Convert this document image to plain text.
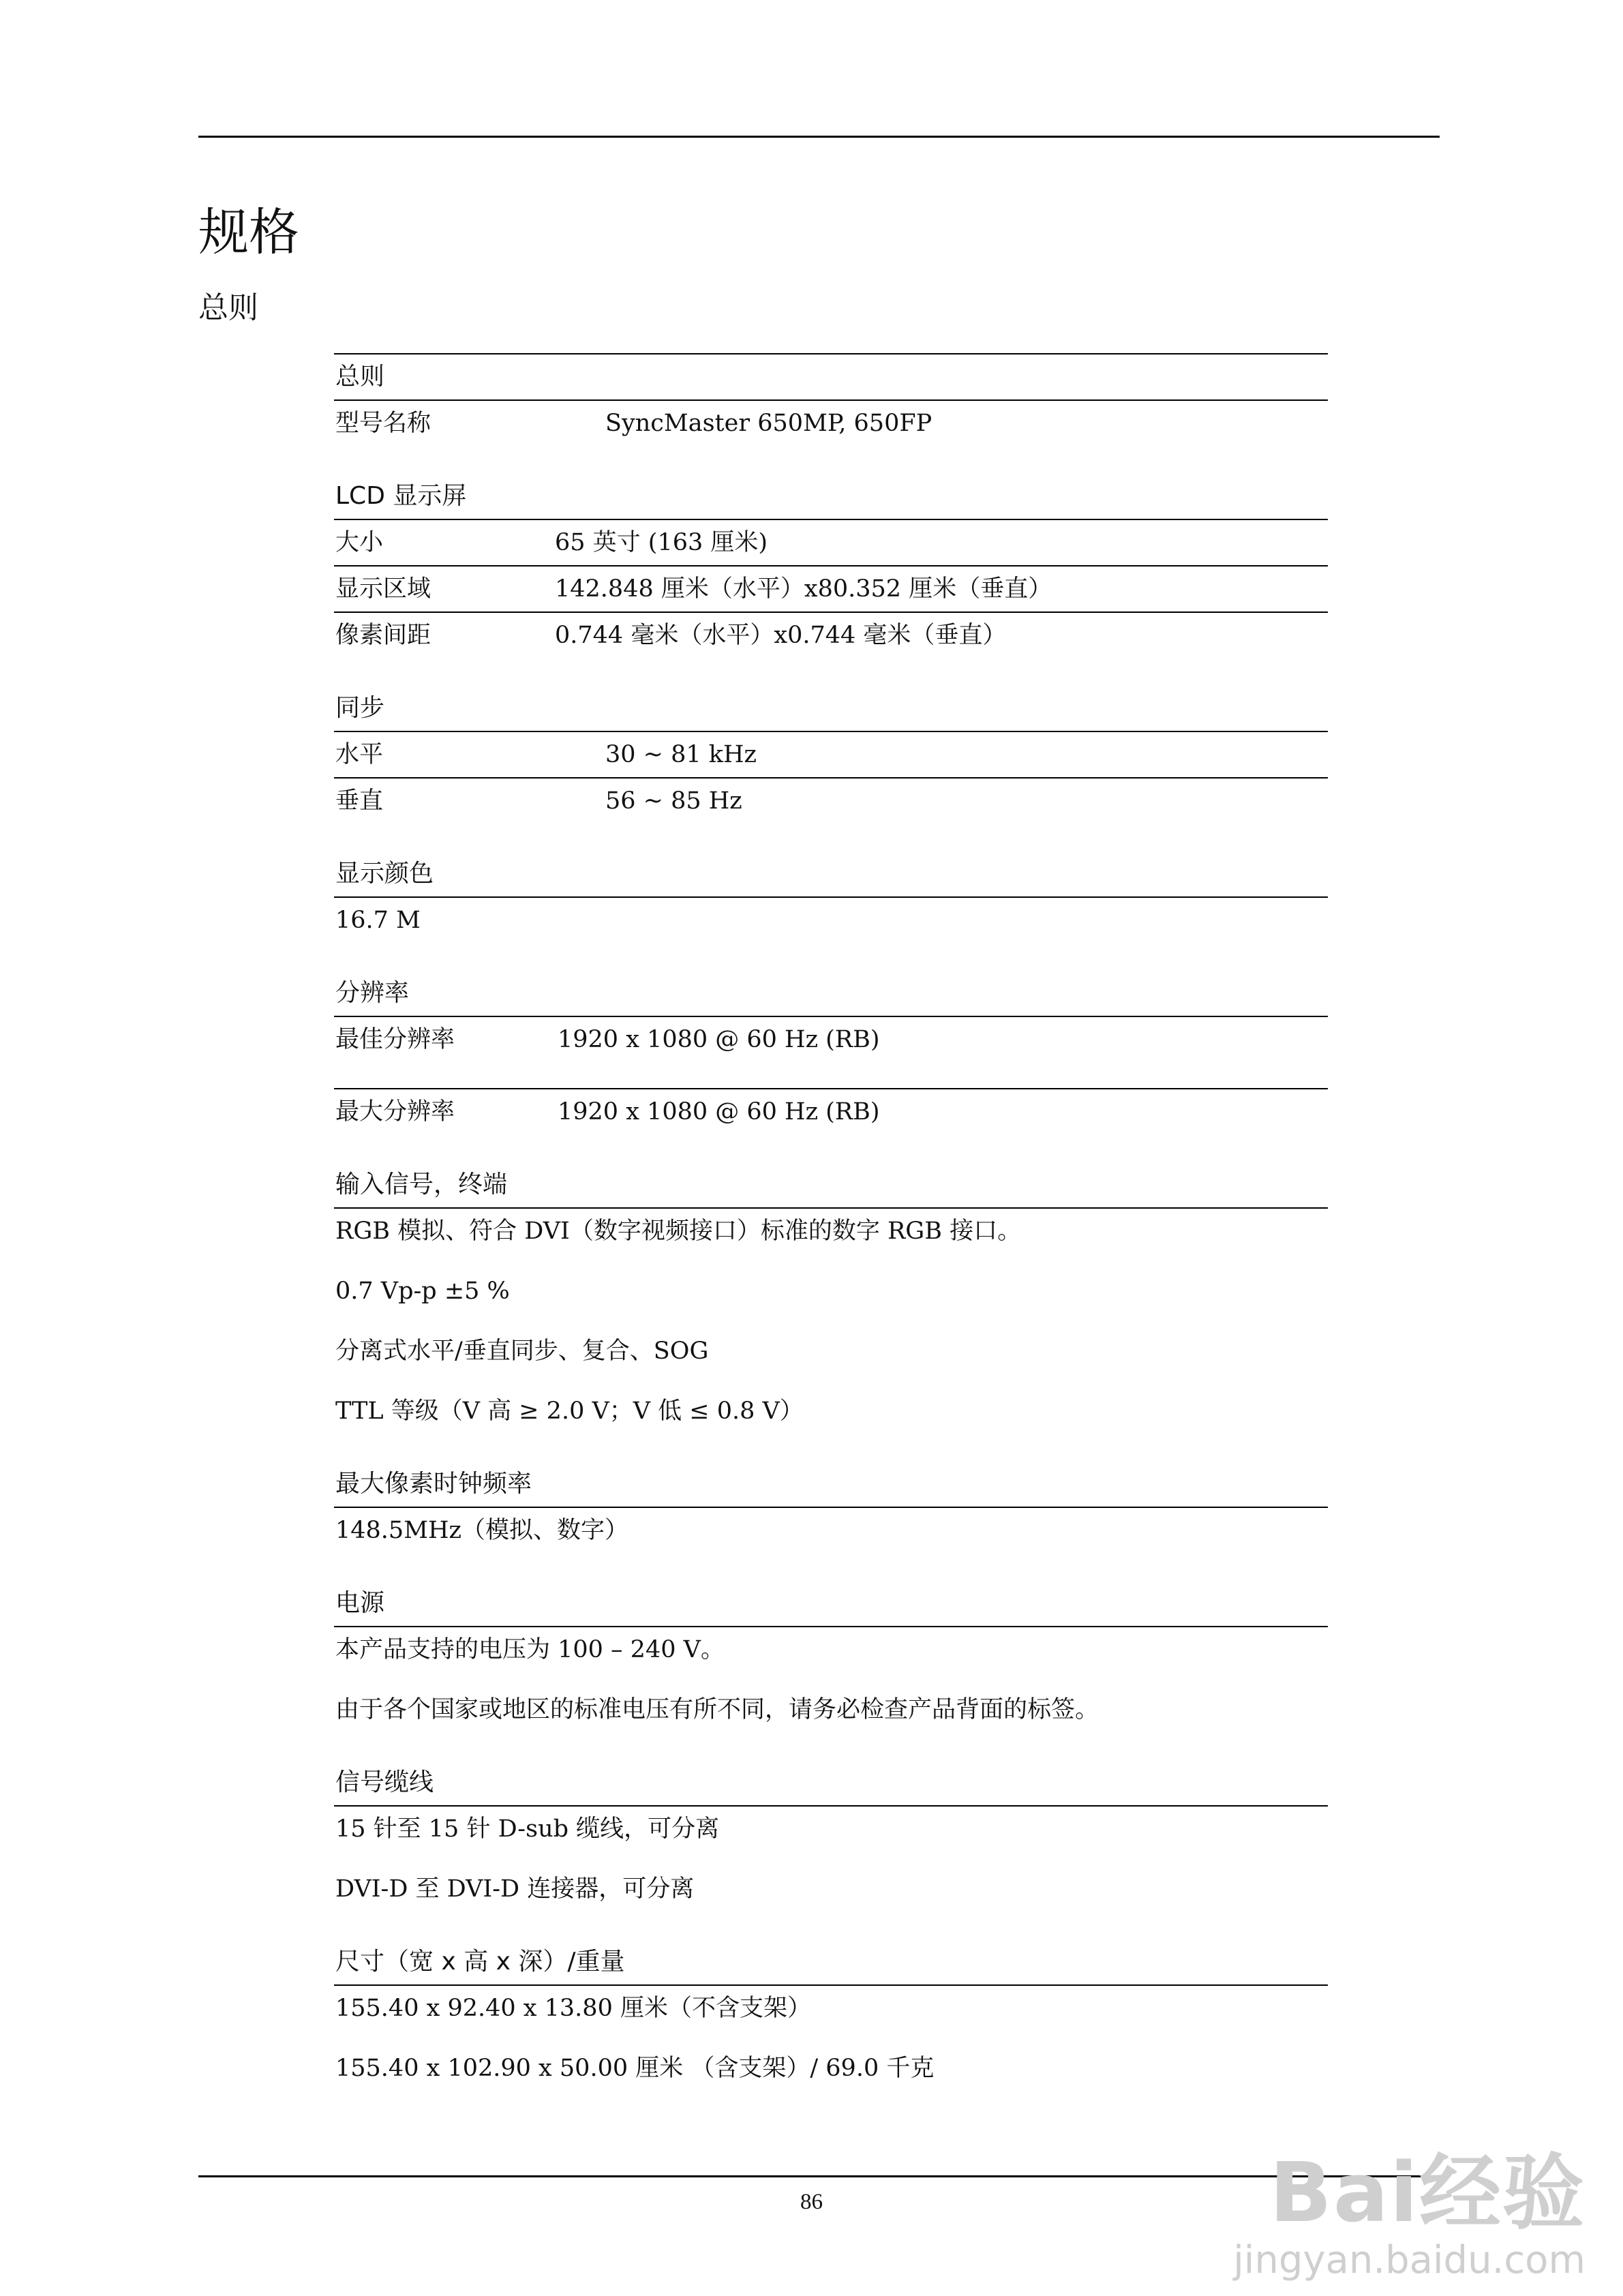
规格
总则
总则
型号名称	SyncMaster 650MP, 650FP
LCD 显示屏
大小	65 英寸 (163 厘米)
显示区域	142.848 厘米（水平）x80.352 厘米（垂直）
像素间距	0.744 毫米（水平）x0.744 毫米（垂直）
同步
水平	30 ~ 81 kHz
垂直	56 ~ 85 Hz
显示颜色
16.7 M
分辨率
最佳分辨率	1920 x 1080 @ 60 Hz (RB)
最大分辨率	1920 x 1080 @ 60 Hz (RB)
输入信号，终端
RGB 模拟、符合 DVI（数字视频接口）标准的数字 RGB 接口。
0.7 Vp-p ±5 %
分离式水平/垂直同步、复合、SOG
TTL 等级（V 高 ≥ 2.0 V；V 低 ≤ 0.8 V）
最大像素时钟频率
148.5MHz（模拟、数字）
电源
本产品支持的电压为 100 – 240 V。
由于各个国家或地区的标准电压有所不同，请务必检查产品背面的标签。
信号缆线
15 针至 15 针 D-sub 缆线，可分离
DVI-D 至 DVI-D 连接器，可分离
尺寸（宽 x 高 x 深）/重量
155.40 x 92.40 x 13.80 厘米（不含支架）
155.40 x 102.90 x 50.00 厘米 （含支架）/ 69.0 千克
86	Bai经验
jingyan.baidu.com
